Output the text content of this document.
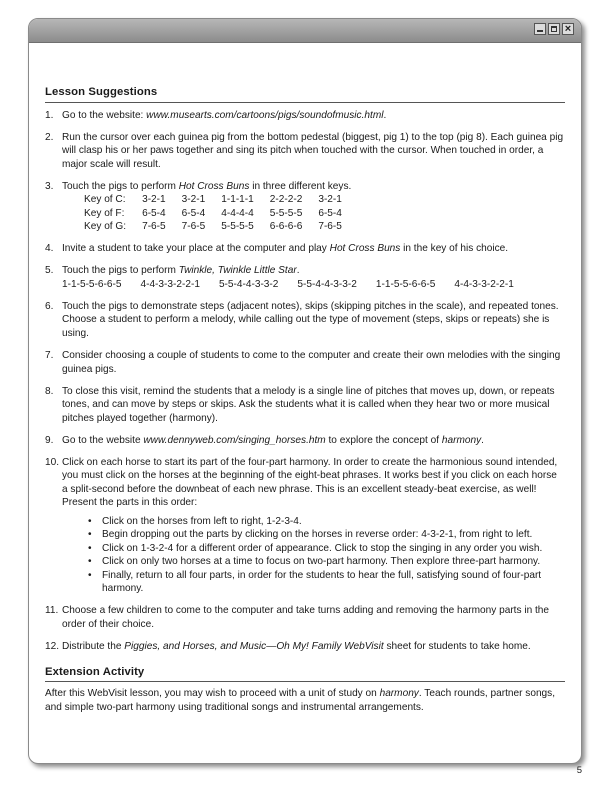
×
Lesson Suggestions
1. Go to the website: www.musearts.com/cartoons/pigs/soundofmusic.html.
2. Run the cursor over each guinea pig from the bottom pedestal (biggest, pig 1) to the top (pig 8). Each guinea pig will clasp his or her paws together and sing its pitch when touched with the cursor. When touched in order, a major scale will result.
3. Touch the pigs to perform Hot Cross Buns in three different keys.
Key of C:	3-2-1	3-2-1	1-1-1-1	2-2-2-2	3-2-1
Key of F:	6-5-4	6-5-4	4-4-4-4	5-5-5-5	6-5-4
Key of G:	7-6-5	7-6-5	5-5-5-5	6-6-6-6	7-6-5
4. Invite a student to take your place at the computer and play Hot Cross Buns in the key of his choice.
5. Touch the pigs to perform Twinkle, Twinkle Little Star.
1-1-5-5-6-6-5 4-4-3-3-2-2-1 5-5-4-4-3-3-2 5-5-4-4-3-3-2 1-1-5-5-6-6-5 4-4-3-3-2-2-1
6. Touch the pigs to demonstrate steps (adjacent notes), skips (skipping pitches in the scale), and repeated tones. Choose a student to perform a melody, while calling out the type of movement (steps, skips or repeats) she is using.
7. Consider choosing a couple of students to come to the computer and create their own melodies with the singing guinea pigs.
8. To close this visit, remind the students that a melody is a single line of pitches that moves up, down, or repeats tones, and can move by steps or skips. Ask the students what it is called when they hear two or more musical pitches played together (harmony).
9. Go to the website www.dennyweb.com/singing_horses.htm to explore the concept of harmony.
10. Click on each horse to start its part of the four-part harmony. In order to create the harmonious sound intended, you must click on the horses at the beginning of the eight-beat phrases. It works best if you click on each horse a split-second before the downbeat of each new phrase. This is an excellent steady-beat exercise, as well! Present the parts in this order:
• Click on the horses from left to right, 1-2-3-4.
• Begin dropping out the parts by clicking on the horses in reverse order: 4-3-2-1, from right to left.
• Click on 1-3-2-4 for a different order of appearance. Click to stop the singing in any order you wish.
• Click on only two horses at a time to focus on two-part harmony. Then explore three-part harmony.
• Finally, return to all four parts, in order for the students to hear the full, satisfying sound of four-part harmony.
11. Choose a few children to come to the computer and take turns adding and removing the harmony parts in the order of their choice.
12. Distribute the Piggies, and Horses, and Music—Oh My! Family WebVisit sheet for students to take home.
Extension Activity

After this WebVisit lesson, you may wish to proceed with a unit of study on harmony. Teach rounds, partner songs, and simple two-part harmony using traditional songs and instrumental arrangements.

5
